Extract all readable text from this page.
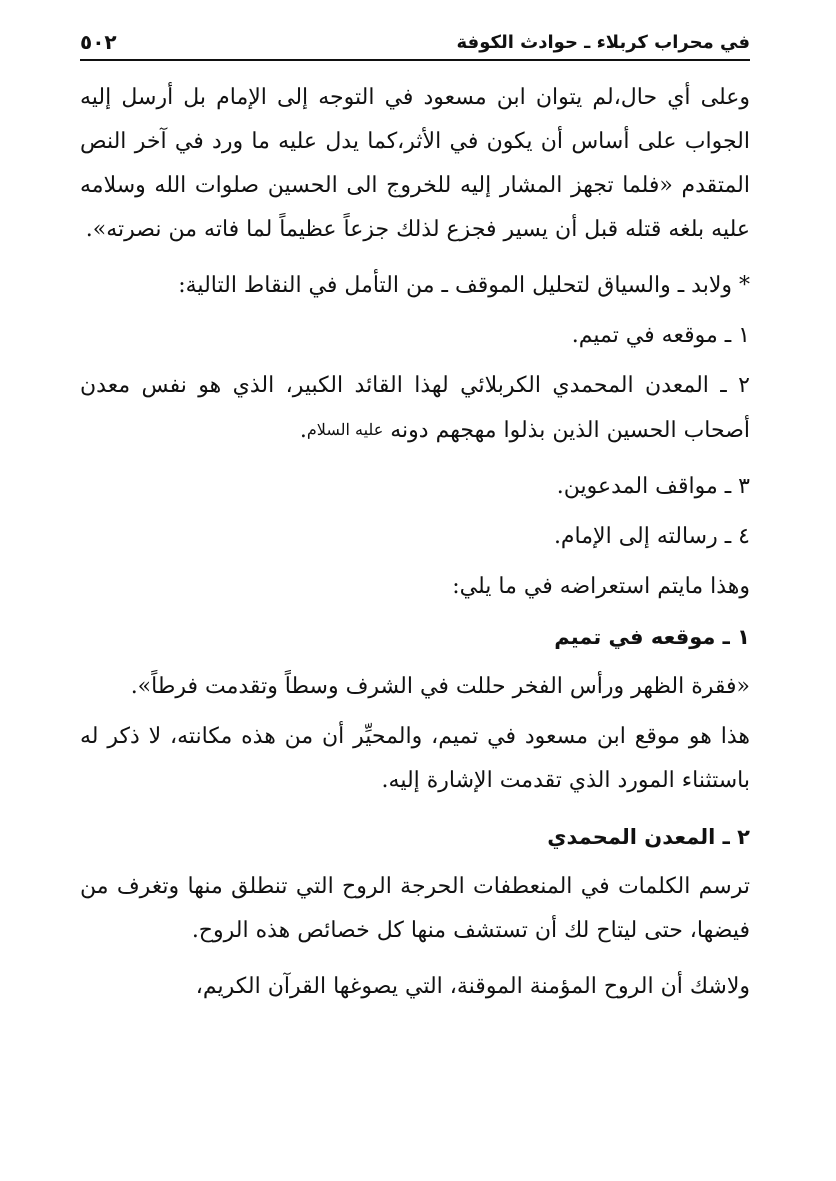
في محراب كربلاء ـ حوادث الكوفة
٥٠٢

وعلى أي حال،لم يتوان ابن مسعود في التوجه إلى الإمام بل أرسل إليه الجواب على أساس أن يكون في الأثر،كما يدل عليه ما ورد في آخر النص المتقدم «فلما تجهز المشار إليه للخروج الى الحسين صلوات الله وسلامه عليه بلغه قتله قبل أن يسير فجزع لذلك جزعاً عظيماً لما فاته من نصرته».

* ولابد ـ والسياق لتحليل الموقف ـ من التأمل في النقاط التالية:

١ ـ موقعه في تميم.

٢ ـ المعدن المحمدي الكربلائي لهذا القائد الكبير، الذي هو نفس معدن أصحاب الحسين الذين بذلوا مهجهم دونه عليه السلام.

٣ ـ مواقف المدعوين.

٤ ـ رسالته إلى الإمام.

وهذا مايتم استعراضه في ما يلي:

١ ـ موقعه في تميم

«فقرة الظهر ورأس الفخر حللت في الشرف وسطاً وتقدمت فرطاً».

هذا هو موقع ابن مسعود في تميم، والمحيِّر أن من هذه مكانته، لا ذكر له باستثناء المورد الذي تقدمت الإشارة إليه.

٢ ـ المعدن المحمدي

ترسم الكلمات في المنعطفات الحرجة الروح التي تنطلق منها وتغرف من فيضها، حتى ليتاح لك أن تستشف منها كل خصائص هذه الروح.

ولاشك أن الروح المؤمنة الموقنة، التي يصوغها القرآن الكريم،
